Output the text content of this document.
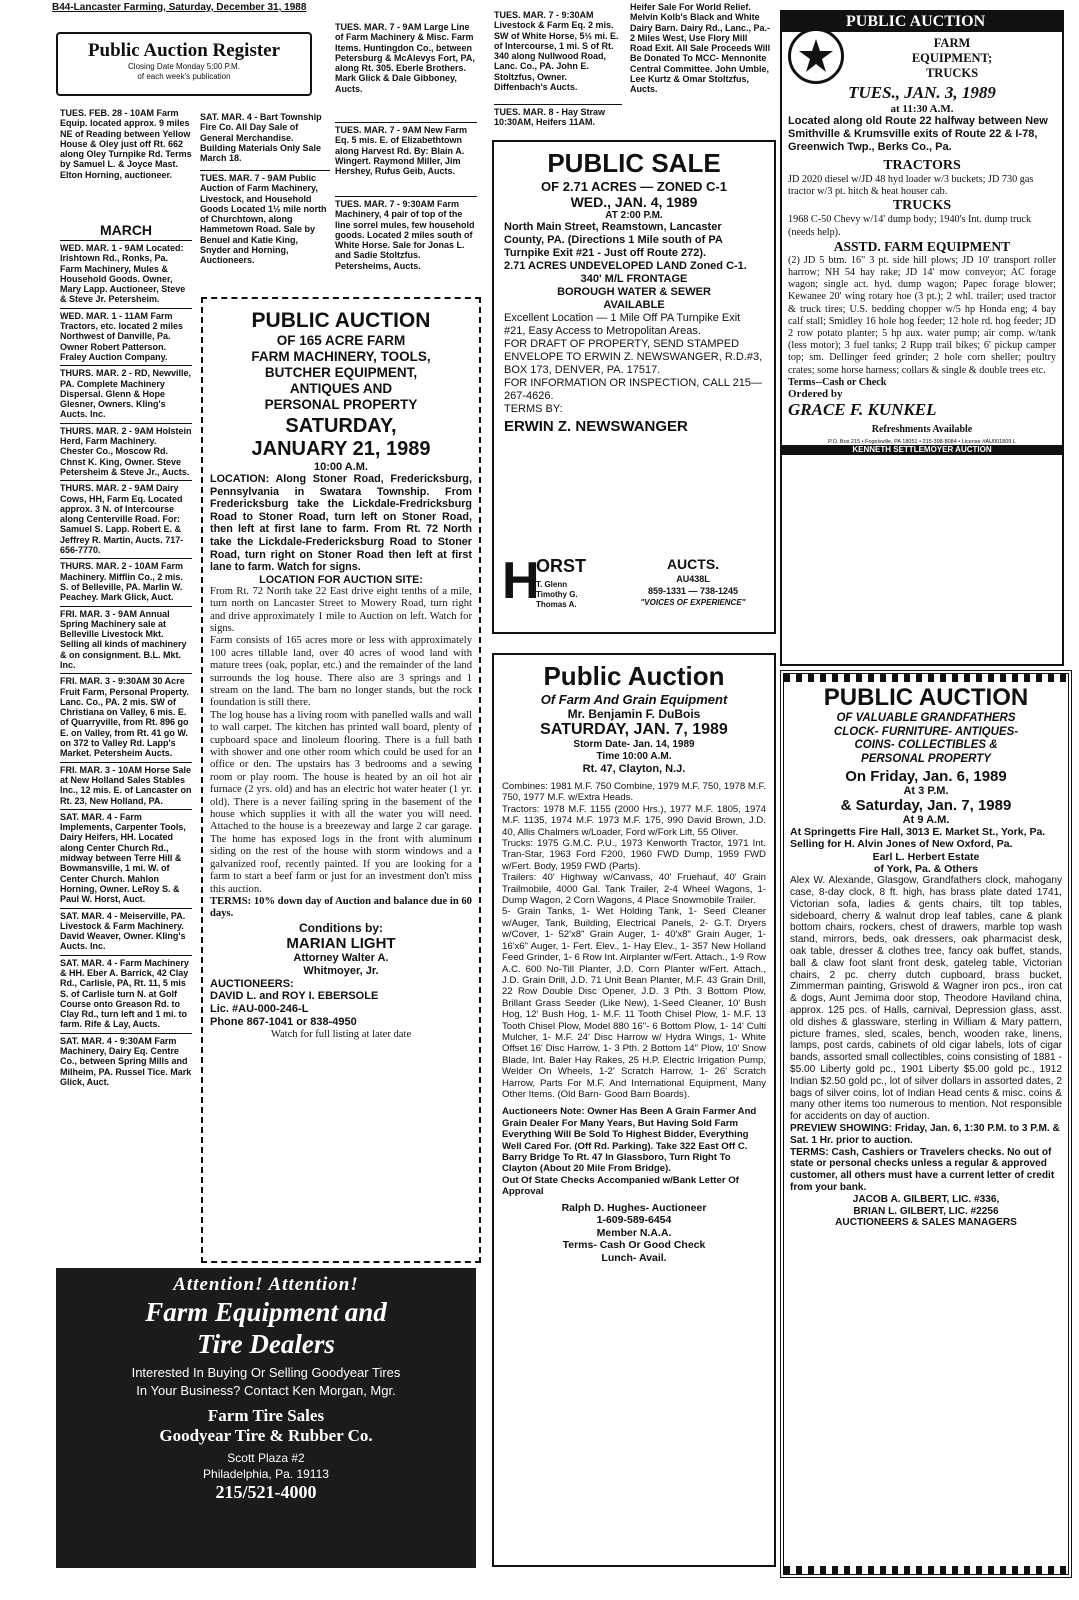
B44-Lancaster Farming, Saturday, December 31, 1988
Public Auction Register
Closing Date Monday 5:00 P.M.
of each week's publication
TUES. FEB. 28 - 10AM Farm Equip. located approx. 9 miles NE of Reading between Yellow House & Oley just off Rt. 662 along Oley Turnpike Rd. Terms by Samuel L. & Joyce Mast. Elton Horning, auctioneer.
MARCH
WED. MAR. 1 - 9AM Located: Irishtown Rd., Ronks, Pa. Farm Machinery, Mules & Household Goods. Owner, Mary Lapp. Auctioneer, Steve & Steve Jr. Petersheim.
WED. MAR. 1 - 11AM Farm Tractors, etc. located 2 miles Northwest of Danville, Pa. Owner Robert Patterson. Fraley Auction Company.
THURS. MAR. 2 - RD, Newville, PA. Complete Machinery Dispersal. Glenn & Hope Glesner, Owners. Kling's Aucts. Inc.
THURS. MAR. 2 - 9AM Holstein Herd, Farm Machinery. Chester Co., Moscow Rd. Chnst K. King, Owner. Steve Petersheim & Steve Jr., Aucts.
THURS. MAR. 2 - 9AM Dairy Cows, HH, Farm Eq. Located approx. 3 N. of Intercourse along Centerville Road. For: Samuel S. Lapp. Robert E. & Jeffrey R. Martin, Aucts. 717-656-7770.
THURS. MAR. 2 - 10AM Farm Machinery. Mifflin Co., 2 mis. S. of Belleville, PA. Marlin W. Peachey. Mark Glick, Auct.
FRI. MAR. 3 - 9AM Annual Spring Machinery sale at Belleville Livestock Mkt. Selling all kinds of machinery & on consignment. B.L. Mkt. Inc.
FRI. MAR. 3 - 9:30AM 30 Acre Fruit Farm, Personal Property. Lanc. Co., PA. 2 mis. SW of Christiana on Valley, 6 mis. E. of Quarryville, from Rt. 896 go E. on Valley, from Rt. 41 go W. on 372 to Valley Rd. Lapp's Market. Petersheim Aucts.
FRI. MAR. 3 - 10AM Horse Sale at New Holland Sales Stables Inc., 12 mis. E. of Lancaster on Rt. 23, New Holland, PA.
SAT. MAR. 4 - Farm Implements, Carpenter Tools, Dairy Heifers, HH. Located along Center Church Rd., midway between Terre Hill & Bowmansville, 1 mi. W. of Center Church. Mahlon Horning, Owner. LeRoy S. & Paul W. Horst, Auct.
SAT. MAR. 4 - Meiserville, PA. Livestock & Farm Machinery. David Weaver, Owner. Kling's Aucts. Inc.
SAT. MAR. 4 - Farm Machinery & HH. Eber A. Barrick, 42 Clay Rd., Carlisle, PA, Rt. 11, 5 mis S. of Carlisle turn N. at Golf Course onto Greason Rd. to Clay Rd., turn left and 1 mi. to farm. Rife & Lay, Aucts.
SAT. MAR. 4 - 9:30AM Farm Machinery, Dairy Eq. Centre Co., between Spring Mills and Milheim, PA. Russel Tice. Mark Glick, Auct.
TUES. MAR. 7 - 9AM Large Line of Farm Machinery & Misc. Farm Items. Huntingdon Co., between Petersburg & McAlevys Fort, PA, along Rt. 305. Eberle Brothers. Mark Glick & Dale Gibboney, Aucts.
SAT. MAR. 4 - Bart Township Fire Co. All Day Sale of General Merchandise. Building Materials Only Sale March 18.
TUES. MAR. 7 - 9AM New Farm Eq. 5 mis. E. of Elizabethtown along Harvest Rd. By: Blain A. Wingert. Raymond Miller, Jim Hershey, Rufus Geib, Aucts.
TUES. MAR. 7 - 9AM Public Auction of Farm Machinery, Livestock, and Household Goods Located 1½ mile north of Churchtown, along Hammetown Road. Sale by Benuel and Katie King, Snyder and Horning, Auctioneers.
TUES. MAR. 7 - 9:30AM Farm Machinery, 4 pair of top of the line sorrel mules, few household goods. Located 2 miles south of White Horse. Sale for Jonas L. and Sadie Stoltzfus. Petersheims, Aucts.
TUES. MAR. 7 - 9:30AM Livestock & Farm Eq. 2 mis. SW of White Horse, 5½ mi. E. of Intercourse, 1 mi. S of Rt. 340 along Nullwood Road, Lanc. Co., PA. John E. Stoltzfus, Owner. Diffenbach's Aucts.
TUES. MAR. 8 - Hay Straw 10:30AM, Heifers 11AM.
Heifer Sale For World Relief. Melvin Kolb's Black and White Dairy Barn. Dairy Rd., Lanc., Pa.- 2 Miles West, Use Flory Mill Road Exit. All Sale Proceeds Will Be Donated To MCC- Mennonite Central Committee. John Umble, Lee Kurtz & Omar Stoltzfus, Aucts.
PUBLIC AUCTION
OF 165 ACRE FARM
FARM MACHINERY, TOOLS,
BUTCHER EQUIPMENT,
ANTIQUES AND
PERSONAL PROPERTY
SATURDAY,
JANUARY 21, 1989
10:00 A.M.
LOCATION: Along Stoner Road, Fredericksburg, Pennsylvania in Swatara Township. From Fredericksburg take the Lickdale-Fredricksburg Road to Stoner Road, turn left on Stoner Road, then left at first lane to farm. From Rt. 72 North take the Lickdale-Fredericksburg Road to Stoner Road, turn right on Stoner Road then left at first lane to farm. Watch for signs.
LOCATION FOR AUCTION SITE:
From Rt. 72 North take 22 East drive eight tenths of a mile, turn north on Lancaster Street to Mowery Road, turn right and drive approximately 1 mile to Auction on left. Watch for signs.
Farm consists of 165 acres more or less with approximately 100 acres tillable land, over 40 acres of wood land with mature trees (oak, poplar, etc.) and the remainder of the land surrounds the log house. There also are 3 springs and 1 stream on the land. The barn no longer stands, but the rock foundation is still there.
The log house has a living room with panelled walls and wall to wall carpet. The kitchen has printed wall board, plenty of cupboard space and linoleum flooring. There is a full bath with shower and one other room which could be used for an office or den. The upstairs has 3 bedrooms and a sewing room or play room. The house is heated by an oil hot air furnace (2 yrs. old) and has an electric hot water heater (1 yr. old). There is a never failing spring in the basement of the house which supplies it with all the water you will need. Attached to the house is a breezeway and large 2 car garage. The home has exposed logs in the front with aluminum siding on the rest of the house with storm windows and a galvanized roof, recently painted. If you are looking for a farm to start a beef farm or just for an investment don't miss this auction.
TERMS: 10% down day of Auction and balance due in 60 days.
Conditions by:
MARIAN LIGHT
Attorney Walter A.
Whitmoyer, Jr.
AUCTIONEERS:
DAVID L. and ROY I. EBERSOLE
Lic. #AU-000-246-L
Phone 867-1041 or 838-4950
Watch for full listing at later date
PUBLIC SALE
OF 2.71 ACRES — ZONED C-1
WED., JAN. 4, 1989
AT 2:00 P.M.
North Main Street, Reamstown, Lancaster County, PA. (Directions 1 Mile south of PA Turnpike Exit #21 - Just off Route 272).
2.71 ACRES UNDEVELOPED LAND Zoned C-1.
340' M/L FRONTAGE
BOROUGH WATER & SEWER
AVAILABLE
Excellent Location — 1 Mile Off PA Turnpike Exit #21, Easy Access to Metropolitan Areas.
FOR DRAFT OF PROPERTY, SEND STAMPED ENVELOPE TO ERWIN Z. NEWSWANGER, R.D.#3, BOX 173, DENVER, PA. 17517.
FOR INFORMATION OR INSPECTION, CALL 215—267-4626.
TERMS BY:
ERWIN Z. NEWSWANGER
H
ORST
T. Glenn
Timothy G.
Thomas A.
AUCTS.
AU438L
859-1331 — 738-1245
"VOICES OF EXPERIENCE"
Public Auction
Of Farm And Grain Equipment
Mr. Benjamin F. DuBois
SATURDAY, JAN. 7, 1989
Storm Date- Jan. 14, 1989
Time 10:00 A.M.
Rt. 47, Clayton, N.J.
Combines: 1981 M.F. 750 Combine, 1979 M.F. 750, 1978 M.F. 750, 1977 M.F. w/Extra Heads.
Tractors: 1978 M.F. 1155 (2000 Hrs.), 1977 M.F. 1805, 1974 M.F. 1135, 1974 M.F. 1973 M.F. 175, 990 David Brown, J.D. 40, Allis Chalmers w/Loader, Ford w/Fork Lift, 55 Oliver.
Trucks: 1975 G.M.C. P.U., 1973 Kenworth Tractor, 1971 Int. Tran-Star, 1963 Ford F200, 1960 FWD Dump, 1959 FWD w/Fert. Body, 1959 FWD (Parts).
Trailers: 40' Highway w/Canvass, 40' Fruehauf, 40' Grain Trailmobile, 4000 Gal. Tank Trailer, 2-4 Wheel Wagons, 1- Dump Wagon, 2 Corn Wagons, 4 Place Snowmobile Trailer.
5- Grain Tanks, 1- Wet Holding Tank, 1- Seed Cleaner w/Auger, Tank, Building, Electrical Panels, 2- G.T. Dryers w/Cover, 1- 52'x8" Grain Auger, 1- 40'x8" Grain Auger, 1- 16'x6" Auger, 1- Fert. Elev., 1- Hay Elev., 1- 357 New Holland Feed Grinder, 1- 6 Row Int. Airplanter w/Fert. Attach., 1-9 Row A.C. 600 No-Till Planter, J.D. Corn Planter w/Fert. Attach., J.D. Grain Drill, J.D. 71 Unit Bean Planter, M.F. 43 Grain Drill, 22 Row Double Disc Opener, J.D. 3 Pth. 3 Bottom Plow, Brillant Grass Seeder (Like New), 1-Seed Cleaner, 10' Bush Hog, 12' Bush Hog, 1- M.F. 11 Tooth Chisel Plow, 1- M.F. 13 Tooth Chisel Plow, Model 880 16"- 6 Bottom Plow, 1- 14' Culti Mulcher, 1- M.F. 24' Disc Harrow w/ Hydra Wings, 1- White Offset 16' Disc Harrow, 1- 3 Pth. 2 Bottom 14" Plow, 10' Snow Blade, Int. Baler Hay Rakes, 25 H.P. Electric Irrigation Pump, Welder On Wheels, 1-2' Scratch Harrow, 1- 26' Scratch Harrow, Parts For M.F. And International Equipment, Many Other Items. (Old Barn- Good Barn Boards).
Auctioneers Note: Owner Has Been A Grain Farmer And Grain Dealer For Many Years, But Having Sold Farm Everything Will Be Sold To Highest Bidder, Everything Well Cared For. (Off Rd. Parking). Take 322 East Off C. Barry Bridge To Rt. 47 In Glassboro, Turn Right To Clayton (About 20 Mile From Bridge).
Out Of State Checks Accompanied w/Bank Letter Of Approval
Ralph D. Hughes- Auctioneer
1-609-589-6454
Member N.A.A.
Terms- Cash Or Good Check
Lunch- Avail.
PUBLIC AUCTION
FARM
EQUIPMENT;
TRUCKS
TUES., JAN. 3, 1989
at 11:30 A.M.
Located along old Route 22 halfway between New Smithville & Krumsville exits of Route 22 & I-78, Greenwich Twp., Berks Co., Pa.
TRACTORS
JD 2020 diesel w/JD 48 hyd loader w/3 buckets; JD 730 gas tractor w/3 pt. hitch & heat houser cab.
TRUCKS
1968 C-50 Chevy w/14' dump body; 1940's Int. dump truck (needs help).
ASSTD. FARM EQUIPMENT
(2) JD 5 btm. 16" 3 pt. side hill plows; JD 10' transport roller harrow; NH 54 hay rake; JD 14' mow conveyor; AC forage wagon; single act. hyd. dump wagon; Papec forage blower; Kewanee 20' wing rotary hoe (3 pt.); 2 whl. trailer; used tractor & truck tires; U.S. bedding chopper w/5 hp Honda eng; 4 bay calf stall; Smidley 16 hole hog feeder; 12 hole rd. hog feeder; JD 2 row potato planter; 5 hp aux. water pump; air comp. w/tank (less motor); 3 fuel tanks; 2 Rupp trail bikes; 6' pickup camper top; sm. Dellinger feed grinder; 2 hole corn sheller; poultry crates; some horse harness; collars & single & double trees etc.
Terms--Cash or Check
Ordered by
GRACE F. KUNKEL
Refreshments Available
P.O. Box 215 • Fogelsville, PA 18051 • 215-398-8084 • License #AU001809 L
KENNETH SETTLEMOYER AUCTION
PUBLIC AUCTION
OF VALUABLE GRANDFATHERS
CLOCK- FURNITURE- ANTIQUES-
COINS- COLLECTIBLES &
PERSONAL PROPERTY
On Friday, Jan. 6, 1989
At 3 P.M.
& Saturday, Jan. 7, 1989
At 9 A.M.
At Springetts Fire Hall, 3013 E. Market St., York, Pa. Selling for H. Alvin Jones of New Oxford, Pa.
Earl L. Herbert Estate
of York, Pa. & Others
Alex W. Alexande, Glasgow, Grandfathers clock, mahogany case, 8-day clock, 8 ft. high, has brass plate dated 1741, Victorian sofa, ladies & gents chairs, tilt top tables, sideboard, cherry & walnut drop leaf tables, cane & plank bottom chairs, rockers, chest of drawers, marble top wash stand, mirrors, beds, oak dressers, oak pharmacist desk, oak table, dresser & clothes tree, fancy oak buffet, stands, ball & claw foot slant front desk, gateleg table, Victorian chairs, 2 pc. cherry dutch cupboard, brass bucket, Zimmerman painting, Griswold & Wagner iron pcs., iron cat & dogs, Aunt Jemima door stop, Theodore Haviland china, approx. 125 pcs. of Halls, carnival, Depression glass, asst. old dishes & glassware, sterling in William & Mary pattern, picture frames, sled, scales, bench, wooden rake, linens, lamps, post cards, cabinets of old cigar labels, lots of cigar bands, assorted small collectibles, coins consisting of 1881 - $5.00 Liberty gold pc., 1901 Liberty $5.00 gold pc., 1912 Indian $2.50 gold pc., lot of silver dollars in assorted dates, 2 bags of silver coins, lot of Indian Head cents & misc. coins & many other items too numerous to mention. Not responsible for accidents on day of auction.
PREVIEW SHOWING: Friday, Jan. 6, 1:30 P.M. to 3 P.M. & Sat. 1 Hr. prior to auction.
TERMS: Cash, Cashiers or Travelers checks. No out of state or personal checks unless a regular & approved customer, all others must have a current letter of credit from your bank.
JACOB A. GILBERT, LIC. #336,
BRIAN L. GILBERT, LIC. #2256
AUCTIONEERS & SALES MANAGERS
Attention! Attention!
Farm Equipment and
Tire Dealers
Interested In Buying Or Selling Goodyear Tires
In Your Business? Contact Ken Morgan, Mgr.
Farm Tire Sales
Goodyear Tire & Rubber Co.
Scott Plaza #2
Philadelphia, Pa. 19113
215/521-4000
